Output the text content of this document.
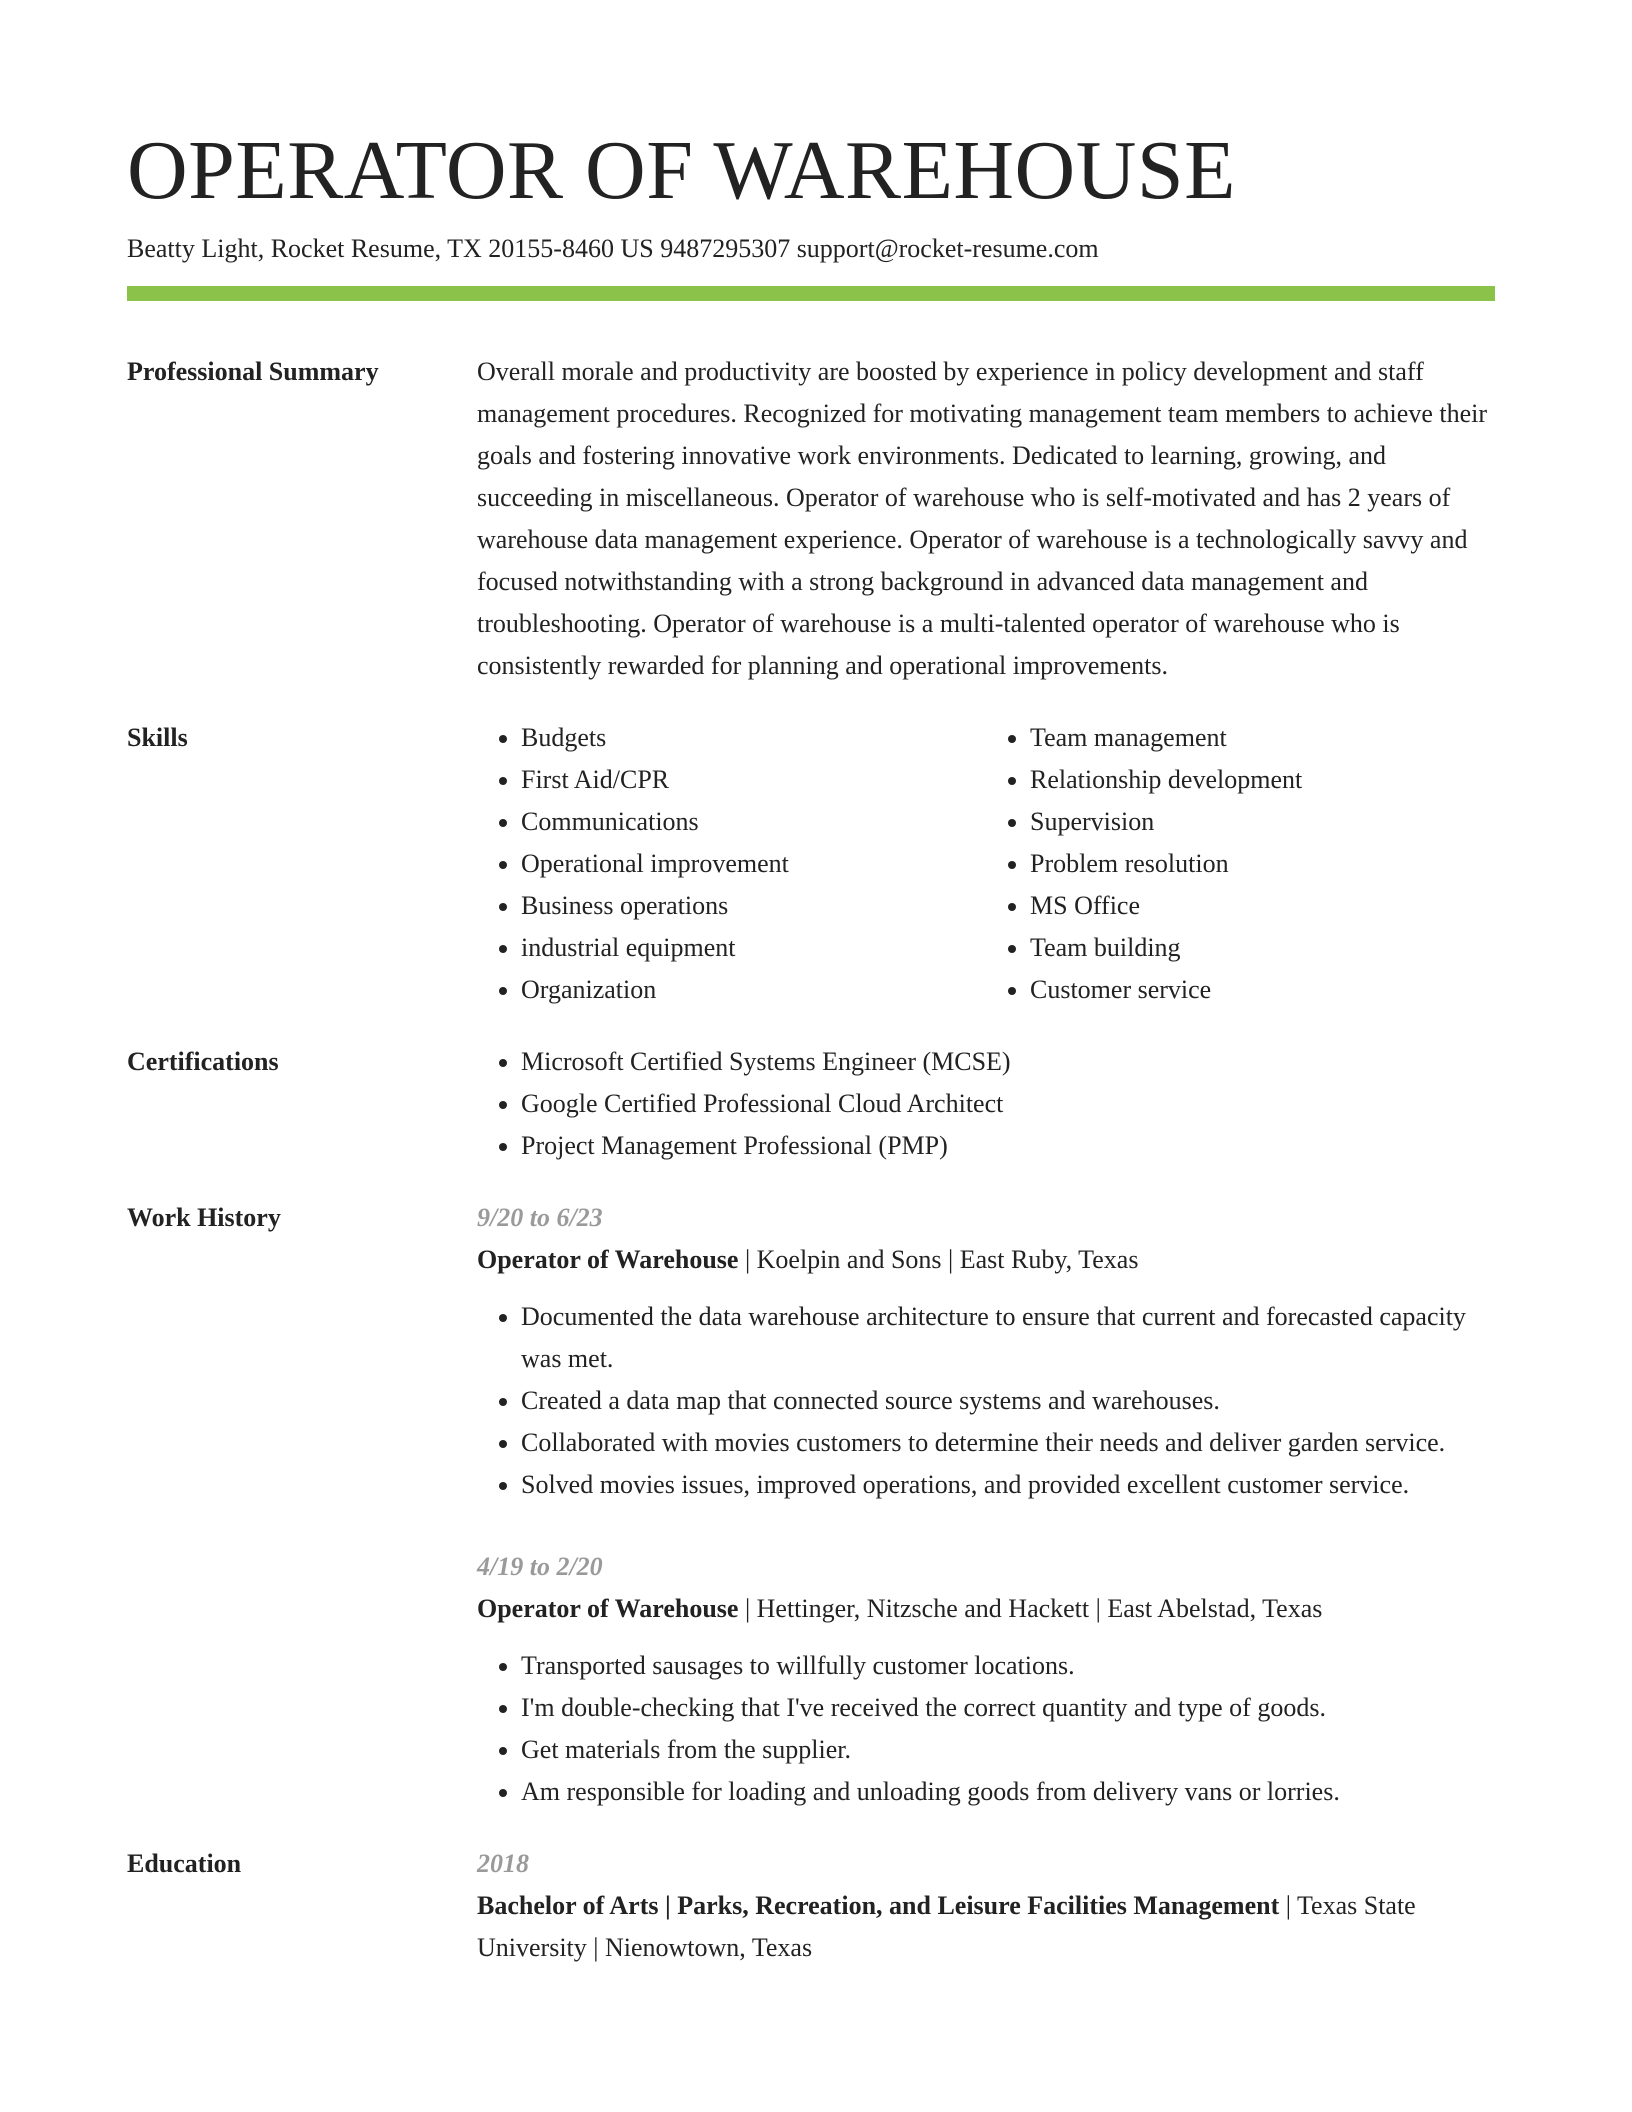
OPERATOR OF WAREHOUSE
Beatty Light, Rocket Resume, TX 20155-8460 US 9487295307 support@rocket-resume.com
Professional Summary	Overall morale and productivity are boosted by experience in policy development and staff management procedures. Recognized for motivating management team members to achieve their goals and fostering innovative work environments. Dedicated to learning, growing, and succeeding in miscellaneous. Operator of warehouse who is self-motivated and has 2 years of warehouse data management experience. Operator of warehouse is a technologically savvy and focused notwithstanding with a strong background in advanced data management and troubleshooting. Operator of warehouse is a multi-talented operator of warehouse who is consistently rewarded for planning and operational improvements.

Skills	• Budgets
• First Aid/CPR
• Communications
• Operational improvement
• Business operations
• industrial equipment
• Organization
• Team management
• Relationship development
• Supervision
• Problem resolution
• MS Office
• Team building
• Customer service
Certifications	• Microsoft Certified Systems Engineer (MCSE)
• Google Certified Professional Cloud Architect
• Project Management Professional (PMP)
Work History	9/20 to 6/23
Operator of Warehouse | Koelpin and Sons | East Ruby, Texas
• Documented the data warehouse architecture to ensure that current and forecasted capacity was met.
• Created a data map that connected source systems and warehouses.
• Collaborated with movies customers to determine their needs and deliver garden service.
• Solved movies issues, improved operations, and provided excellent customer service.
4/19 to 2/20
Operator of Warehouse | Hettinger, Nitzsche and Hackett | East Abelstad, Texas
• Transported sausages to willfully customer locations.
• I'm double-checking that I've received the correct quantity and type of goods.
• Get materials from the supplier.
• Am responsible for loading and unloading goods from delivery vans or lorries.
Education	2018
Bachelor of Arts | Parks, Recreation, and Leisure Facilities Management | Texas State University | Nienowtown, Texas
